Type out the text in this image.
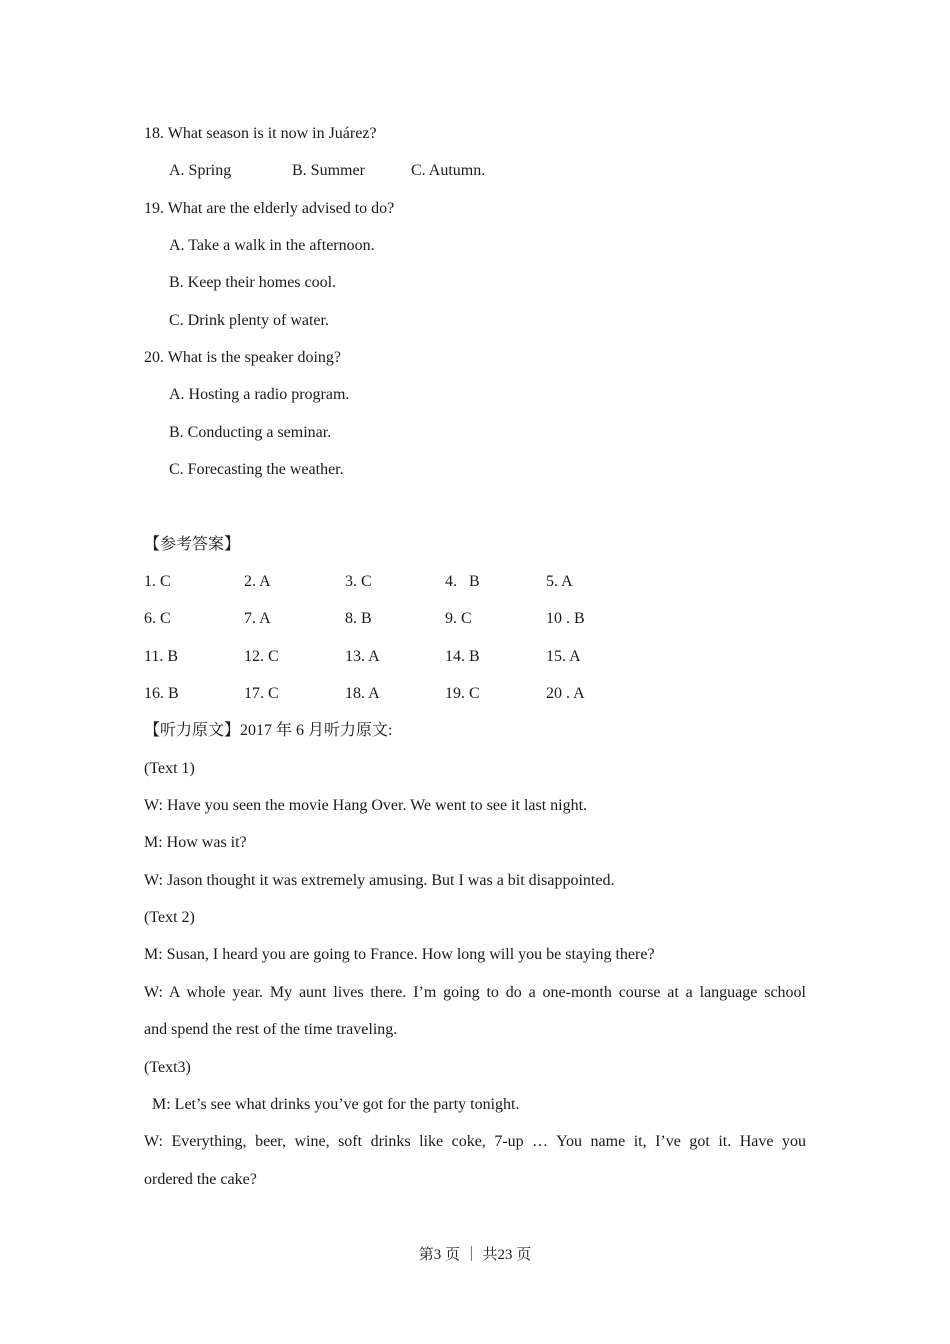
18. What season is it now in Juárez?
A. Spring	B. Summer	C. Autumn.
19. What are the elderly advised to do?
A. Take a walk in the afternoon.
B. Keep their homes cool.
C. Drink plenty of water.
20. What is the speaker doing?
A. Hosting a radio program.
B. Conducting a seminar.
C. Forecasting the weather.
【参考答案】
1. C	2. A	3. C	4.   B	5. A
6. C	7. A	8. B	9. C	10 . B
11. B	12. C	13. A	14. B	15. A
16. B	17. C	18. A	19. C	20 . A
【听力原文】2017 年 6 月听力原文:
(Text 1)
W: Have you seen the movie Hang Over. We went to see it last night.
M: How was it?
W: Jason thought it was extremely amusing. But I was a bit disappointed.
(Text 2)
M: Susan, I heard you are going to France. How long will you be staying there?
W: A whole year. My aunt lives there. I’m going to do a one-month course at a language school
and spend the rest of the time traveling.
(Text3)
M: Let’s see what drinks you’ve got for the party tonight.
W: Everything, beer, wine, soft drinks like coke, 7-up … You name it, I’ve got it. Have you
ordered the cake?
第3 页 ｜ 共23 页
